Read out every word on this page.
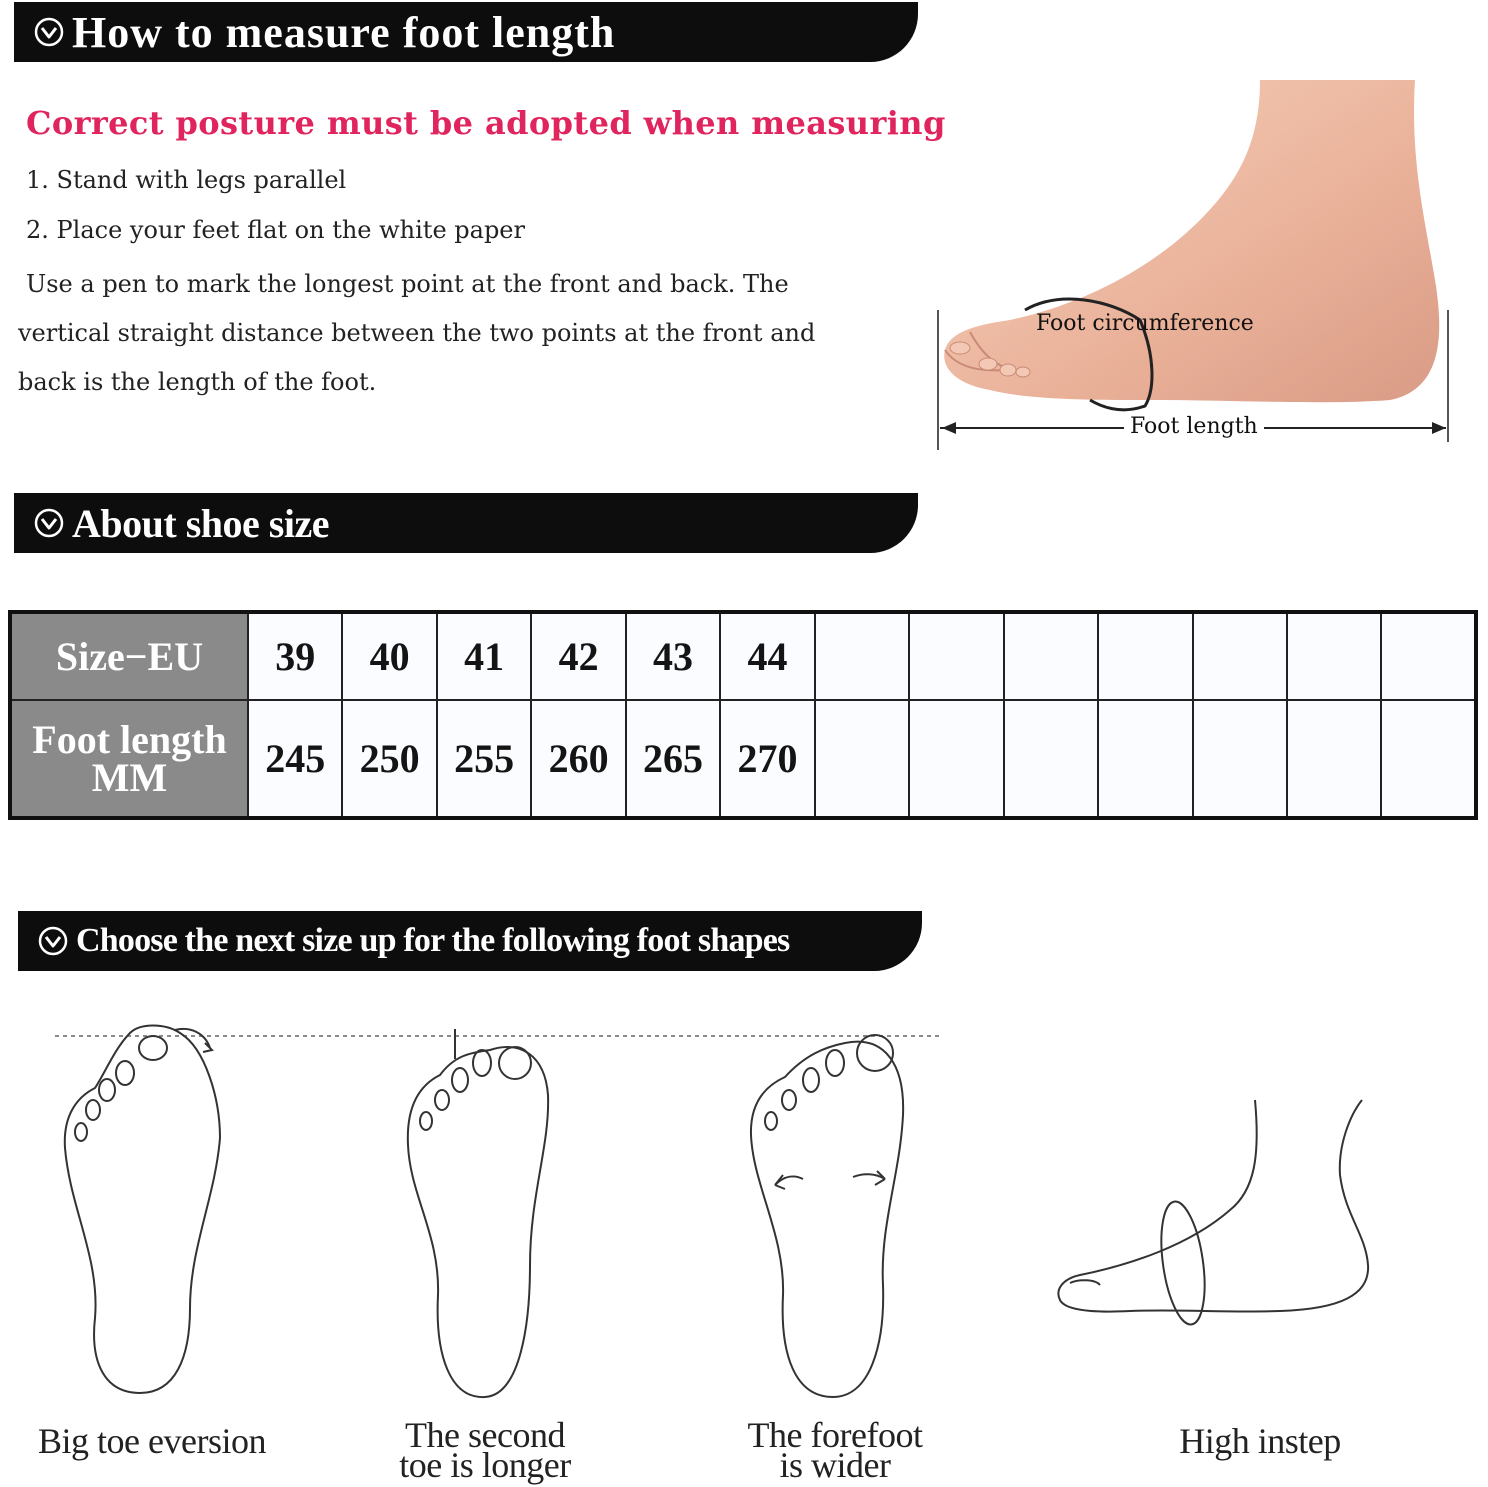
How to measure foot length
Correct posture must be adopted when measuring

1. Stand with legs parallel

2. Place your feet flat on the white paper

Use a pen to mark the longest point at the front and back. The vertical straight distance between the two points at the front and back is the length of the foot.

Foot circumference
Foot length
About shoe size
Size−EU	39	40	41	42	43	44							
Foot length
MM	245	250	255	260	265	270							
Choose the next size up for the following foot shapes
Big toe eversion	The second
toe is longer
The forefoot
is wider
High instep
